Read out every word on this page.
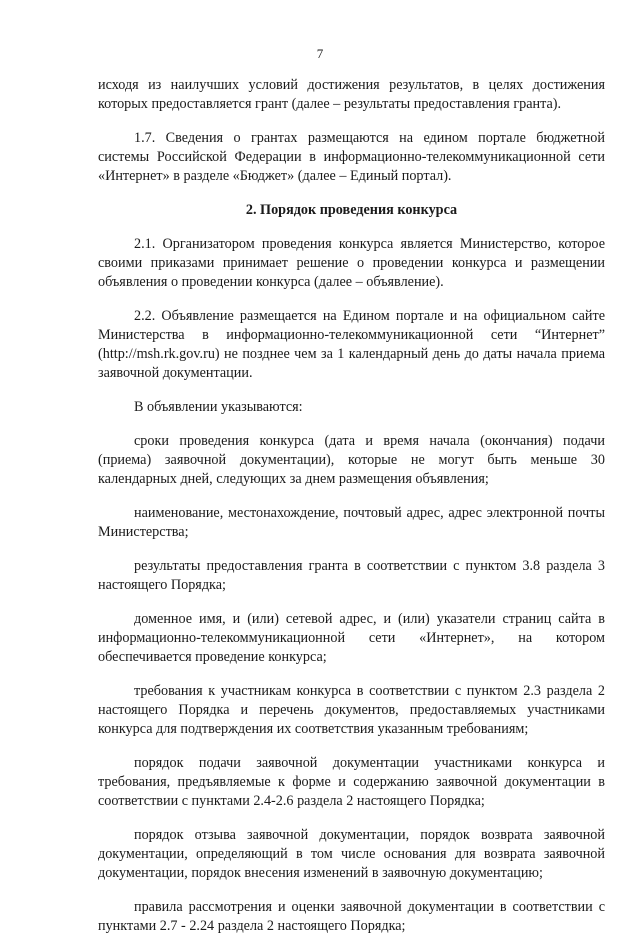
7

исходя из наилучших условий достижения результатов, в целях достижения которых предоставляется грант (далее – результаты предоставления гранта).

1.7. Сведения о грантах размещаются на едином портале бюджетной системы Российской Федерации в информационно-телекоммуникационной сети «Интернет» в разделе «Бюджет» (далее – Единый портал).

2. Порядок проведения конкурса

2.1. Организатором проведения конкурса является Министерство, которое своими приказами принимает решение о проведении конкурса и размещении объявления о проведении конкурса (далее – объявление).

2.2. Объявление размещается на Едином портале и на официальном сайте Министерства в информационно-телекоммуникационной сети “Интернет” (http://msh.rk.gov.ru) не позднее чем за 1 календарный день до даты начала приема заявочной документации.

В объявлении указываются:

сроки проведения конкурса (дата и время начала (окончания) подачи (приема) заявочной документации), которые не могут быть меньше 30 календарных дней, следующих за днем размещения объявления;

наименование, местонахождение, почтовый адрес, адрес электронной почты Министерства;

результаты предоставления гранта в соответствии с пунктом 3.8 раздела 3 настоящего Порядка;

доменное имя, и (или) сетевой адрес, и (или) указатели страниц сайта в информационно-телекоммуникационной сети «Интернет», на котором обеспечивается проведение конкурса;

требования к участникам конкурса в соответствии с пунктом 2.3 раздела 2 настоящего Порядка и перечень документов, предоставляемых участниками конкурса для подтверждения их соответствия указанным требованиям;

порядок подачи заявочной документации участниками конкурса и требования, предъявляемые к форме и содержанию заявочной документации в соответствии с пунктами 2.4-2.6 раздела 2 настоящего Порядка;

порядок отзыва заявочной документации, порядок возврата заявочной документации, определяющий в том числе основания для возврата заявочной документации, порядок внесения изменений в заявочную документацию;

правила рассмотрения и оценки заявочной документации в соответствии с пунктами 2.7 - 2.24 раздела 2 настоящего Порядка;
